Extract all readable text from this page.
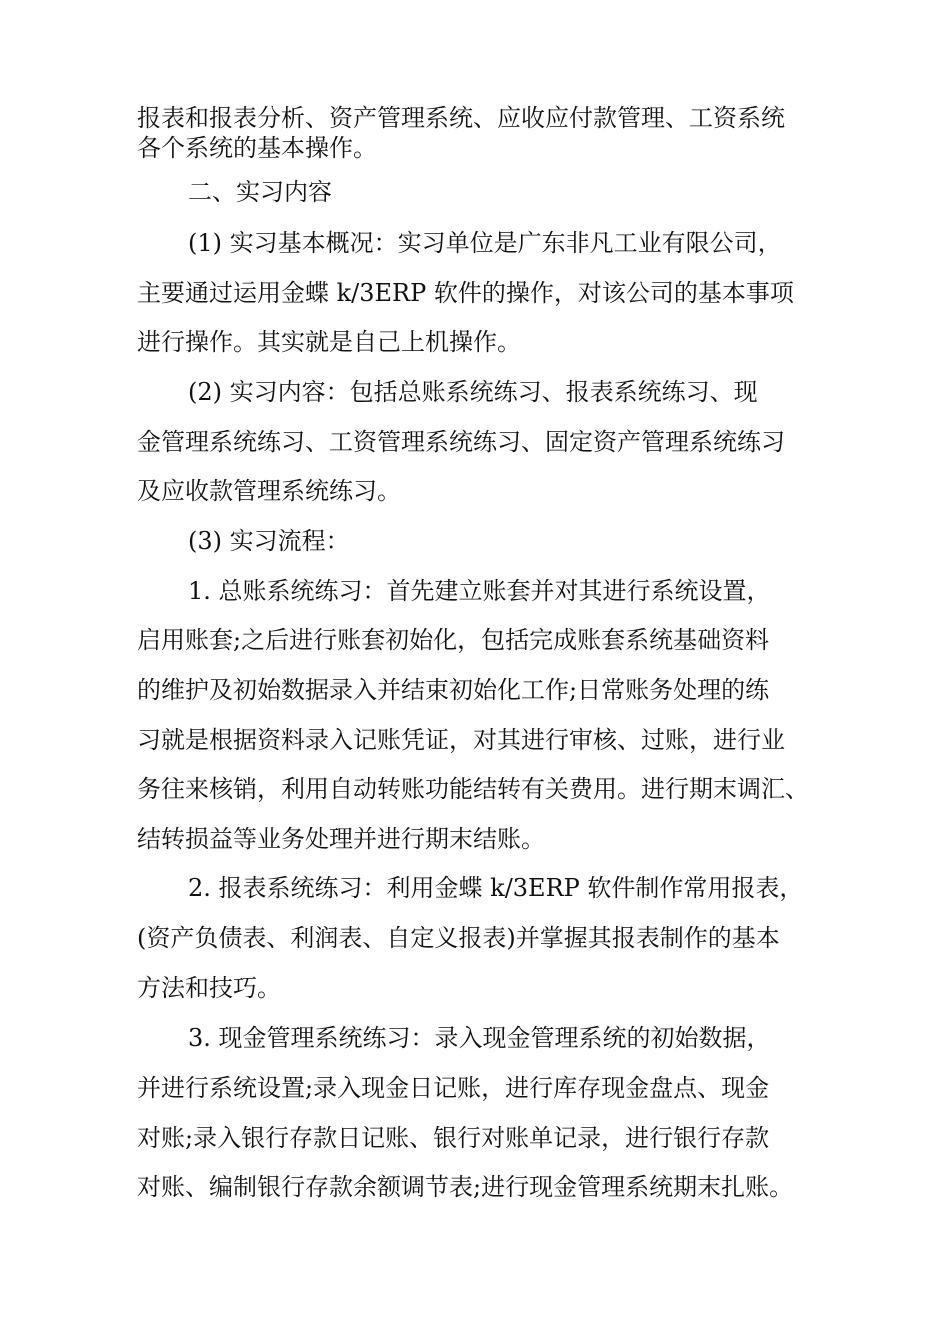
报表和报表分析、资产管理系统、应收应付款管理、工资系统
各个系统的基本操作。
二、实习内容
(1) 实习基本概况：实习单位是广东非凡工业有限公司，
主要通过运用金蝶 k/3ERP 软件的操作，对该公司的基本事项
进行操作。其实就是自己上机操作。
(2) 实习内容：包括总账系统练习、报表系统练习、现
金管理系统练习、工资管理系统练习、固定资产管理系统练习
及应收款管理系统练习。
(3) 实习流程：
1. 总账系统练习：首先建立账套并对其进行系统设置，
启用账套;之后进行账套初始化，包括完成账套系统基础资料
的维护及初始数据录入并结束初始化工作;日常账务处理的练
习就是根据资料录入记账凭证，对其进行审核、过账，进行业
务往来核销，利用自动转账功能结转有关费用。进行期末调汇、
结转损益等业务处理并进行期末结账。
2. 报表系统练习：利用金蝶 k/3ERP 软件制作常用报表，
(资产负债表、利润表、自定义报表)并掌握其报表制作的基本
方法和技巧。
3. 现金管理系统练习：录入现金管理系统的初始数据，
并进行系统设置;录入现金日记账，进行库存现金盘点、现金
对账;录入银行存款日记账、银行对账单记录，进行银行存款
对账、编制银行存款余额调节表;进行现金管理系统期末扎账。
